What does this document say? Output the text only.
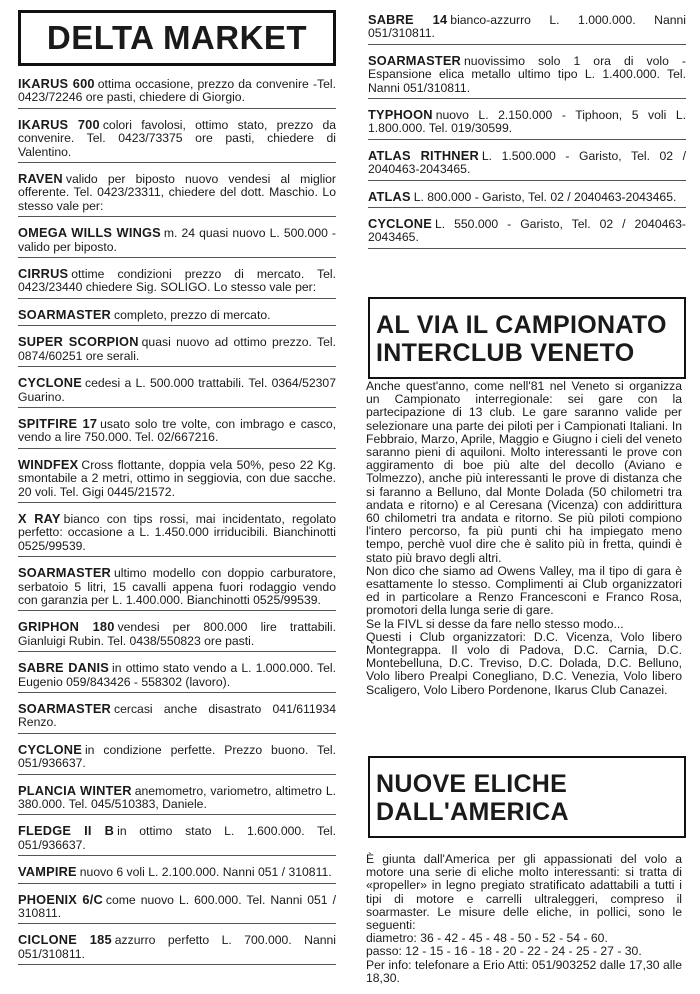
DELTA MARKET
IKARUS 600 ottima occasione, prezzo da convenire -Tel. 0423/72246 ore pasti, chiedere di Giorgio.
IKARUS 700 colori favolosi, ottimo stato, prezzo da convenire. Tel. 0423/73375 ore pasti, chiedere di Valentino.
RAVEN valido per biposto nuovo vendesi al miglior offerente. Tel. 0423/23311, chiedere del dott. Maschio. Lo stesso vale per:
OMEGA WILLS WINGS m. 24 quasi nuovo L. 500.000 - valido per biposto.
CIRRUS ottime condizioni prezzo di mercato. Tel. 0423/23440 chiedere Sig. SOLIGO. Lo stesso vale per:
SOARMASTER completo, prezzo di mercato.
SUPER SCORPION quasi nuovo ad ottimo prezzo. Tel. 0874/60251 ore serali.
CYCLONE cedesi a L. 500.000 trattabili. Tel. 0364/52307 Guarino.
SPITFIRE 17 usato solo tre volte, con imbrago e casco, vendo a lire 750.000. Tel. 02/667216.
WINDFEX Cross flottante, doppia vela 50%, peso 22 Kg. smontabile a 2 metri, ottimo in seggiovia, con due sacche. 20 voli. Tel. Gigi 0445/21572.
X RAY bianco con tips rossi, mai incidentato, regolato perfetto: occasione a L. 1.450.000 irriducibili. Bianchinotti 0525/99539.
SOARMASTER ultimo modello con doppio carburatore, serbatoio 5 litri, 15 cavalli appena fuori rodaggio vendo con garanzia per L. 1.400.000. Bianchinotti 0525/99539.
GRIPHON 180 vendesi per 800.000 lire trattabili. Gianluigi Rubin. Tel. 0438/550823 ore pasti.
SABRE DANIS in ottimo stato vendo a L. 1.000.000. Tel. Eugenio 059/843426 - 558302 (lavoro).
SOARMASTER cercasi anche disastrato 041/611934 Renzo.
CYCLONE in condizione perfette. Prezzo buono. Tel. 051/936637.
PLANCIA WINTER anemometro, variometro, altimetro L. 380.000. Tel. 045/510383, Daniele.
FLEDGE II B in ottimo stato L. 1.600.000. Tel. 051/936637.
VAMPIRE nuovo 6 voli L. 2.100.000. Nanni 051 / 310811.
PHOENIX 6/C come nuovo L. 600.000. Tel. Nanni 051 / 310811.
CICLONE 185 azzurro perfetto L. 700.000. Nanni 051/310811.
SABRE 14 bianco-azzurro L. 1.000.000. Nanni 051/310811.
SOARMASTER nuovissimo solo 1 ora di volo -Espansione elica metallo ultimo tipo L. 1.400.000. Tel. Nanni 051/310811.
TYPHOON nuovo L. 2.150.000 - Tiphoon, 5 voli L. 1.800.000. Tel. 019/30599.
ATLAS RITHNER L. 1.500.000 - Garisto, Tel. 02 / 2040463-2043465.
ATLAS L. 800.000 - Garisto, Tel. 02 / 2040463-2043465.
CYCLONE L. 550.000 - Garisto, Tel. 02 / 2040463-2043465.
AL VIA IL CAMPIONATO
INTERCLUB VENETO

Anche quest'anno, come nell'81 nel Veneto si organizza un Campionato interregionale: sei gare con la partecipazione di 13 club. Le gare saranno valide per selezionare una parte dei piloti per i Campionati Italiani. In Febbraio, Marzo, Aprile, Maggio e Giugno i cieli del veneto saranno pieni di aquiloni. Molto interessanti le prove con aggiramento di boe più alte del decollo (Aviano e Tolmezzo), anche più interessanti le prove di distanza che si faranno a Belluno, dal Monte Dolada (50 chilometri tra andata e ritorno) e al Ceresana (Vicenza) con addirittura 60 chilometri tra andata e ritorno. Se più piloti compiono l'intero percorso, fa più punti chi ha impiegato meno tempo, perchè vuol dire che è salito più in fretta, quindi è stato più bravo degli altri.

Non dico che siamo ad Owens Valley, ma il tipo di gara è esattamente lo stesso. Complimenti ai Club organizzatori ed in particolare a Renzo Francesconi e Franco Rosa, promotori della lunga serie di gare.

Se la FIVL si desse da fare nello stesso modo...

Questi i Club organizzatori: D.C. Vicenza, Volo libero Montegrappa. Il volo di Padova, D.C. Carnia, D.C. Montebelluna, D.C. Treviso, D.C. Dolada, D.C. Belluno, Volo libero Prealpi Conegliano, D.C. Venezia, Volo libero Scaligero, Volo Libero Pordenone, Ikarus Club Canazei.

NUOVE ELICHE
DALL'AMERICA

È giunta dall'America per gli appassionati del volo a motore una serie di eliche molto interessanti: si tratta di «propeller» in legno pregiato stratificato adattabili a tutti i tipi di motore e carrelli ultraleggeri, compreso il soarmaster. Le misure delle eliche, in pollici, sono le seguenti:

diametro: 36 - 42 - 45 - 48 - 50 - 52 - 54 - 60.

passo: 12 - 15 - 16 - 18 - 20 - 22 - 24 - 25 - 27 - 30.

Per info: telefonare a Erio Atti: 051/903252 dalle 17,30 alle 18,30.
